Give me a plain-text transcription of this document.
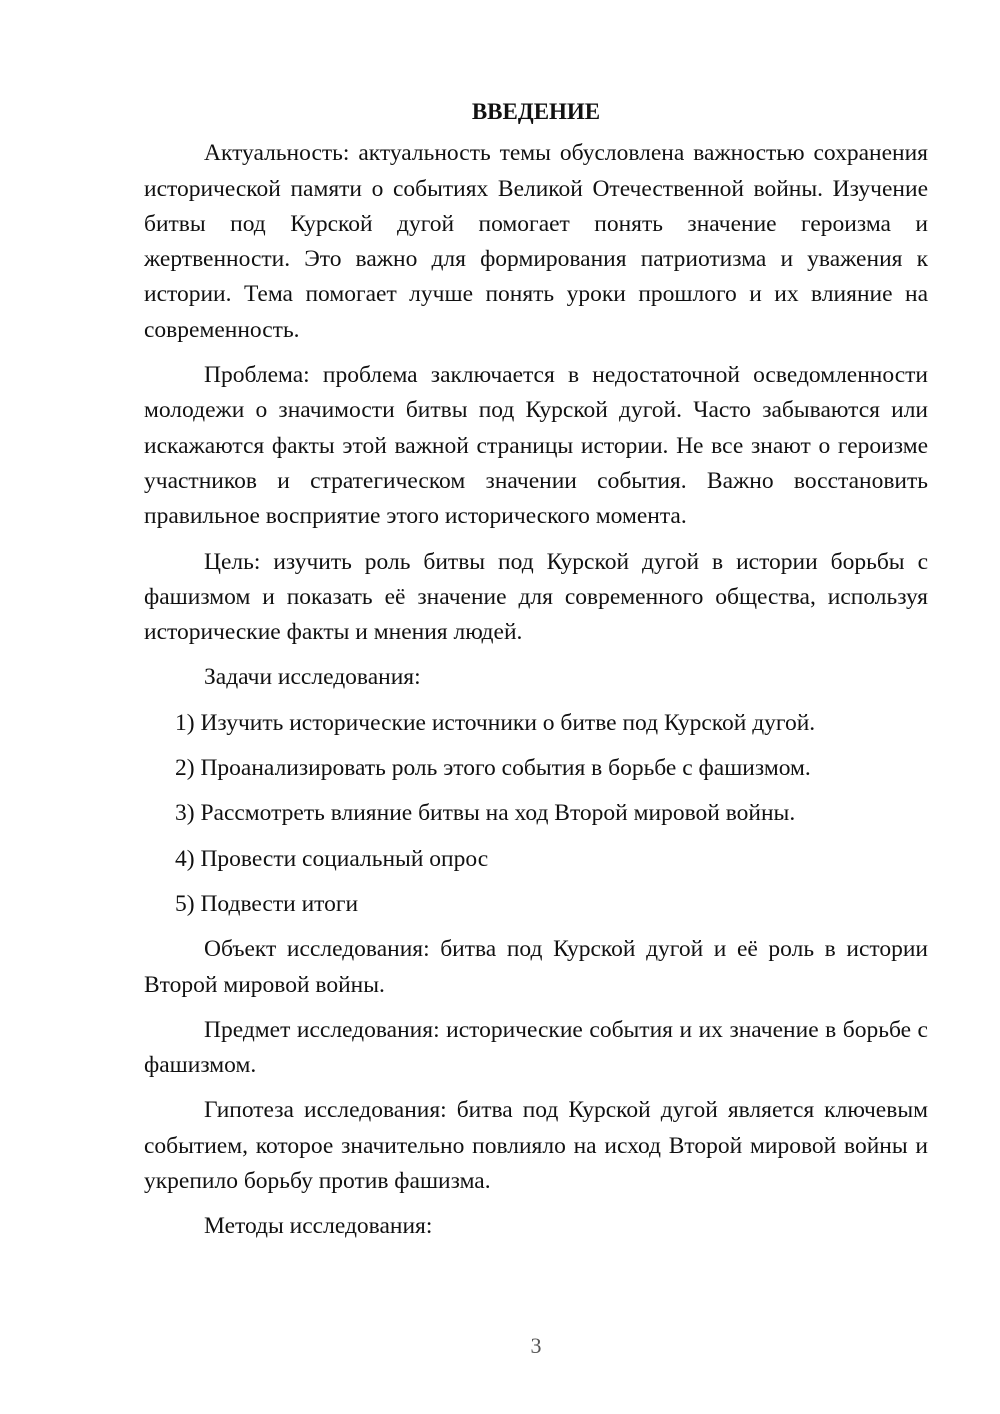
ВВЕДЕНИЕ

Актуальность: актуальность темы обусловлена важностью сохранения исторической памяти о событиях Великой Отечественной войны. Изучение битвы под Курской дугой помогает понять значение героизма и жертвенности. Это важно для формирования патриотизма и уважения к истории. Тема помогает лучше понять уроки прошлого и их влияние на современность.

Проблема: проблема заключается в недостаточной осведомленности молодежи о значимости битвы под Курской дугой. Часто забываются или искажаются факты этой важной страницы истории. Не все знают о героизме участников и стратегическом значении события. Важно восстановить правильное восприятие этого исторического момента.

Цель: изучить роль битвы под Курской дугой в истории борьбы с фашизмом и показать её значение для современного общества, используя исторические факты и мнения людей.

Задачи исследования:

1) Изучить исторические источники о битве под Курской дугой.
2) Проанализировать роль этого события в борьбе с фашизмом.
3) Рассмотреть влияние битвы на ход Второй мировой войны.
4) Провести социальный опрос
5) Подвести итоги

Объект исследования: битва под Курской дугой и её роль в истории Второй мировой войны.

Предмет исследования: исторические события и их значение в борьбе с фашизмом.

Гипотеза исследования: битва под Курской дугой является ключевым событием, которое значительно повлияло на исход Второй мировой войны и укрепило борьбу против фашизма.

Методы исследования:

3
